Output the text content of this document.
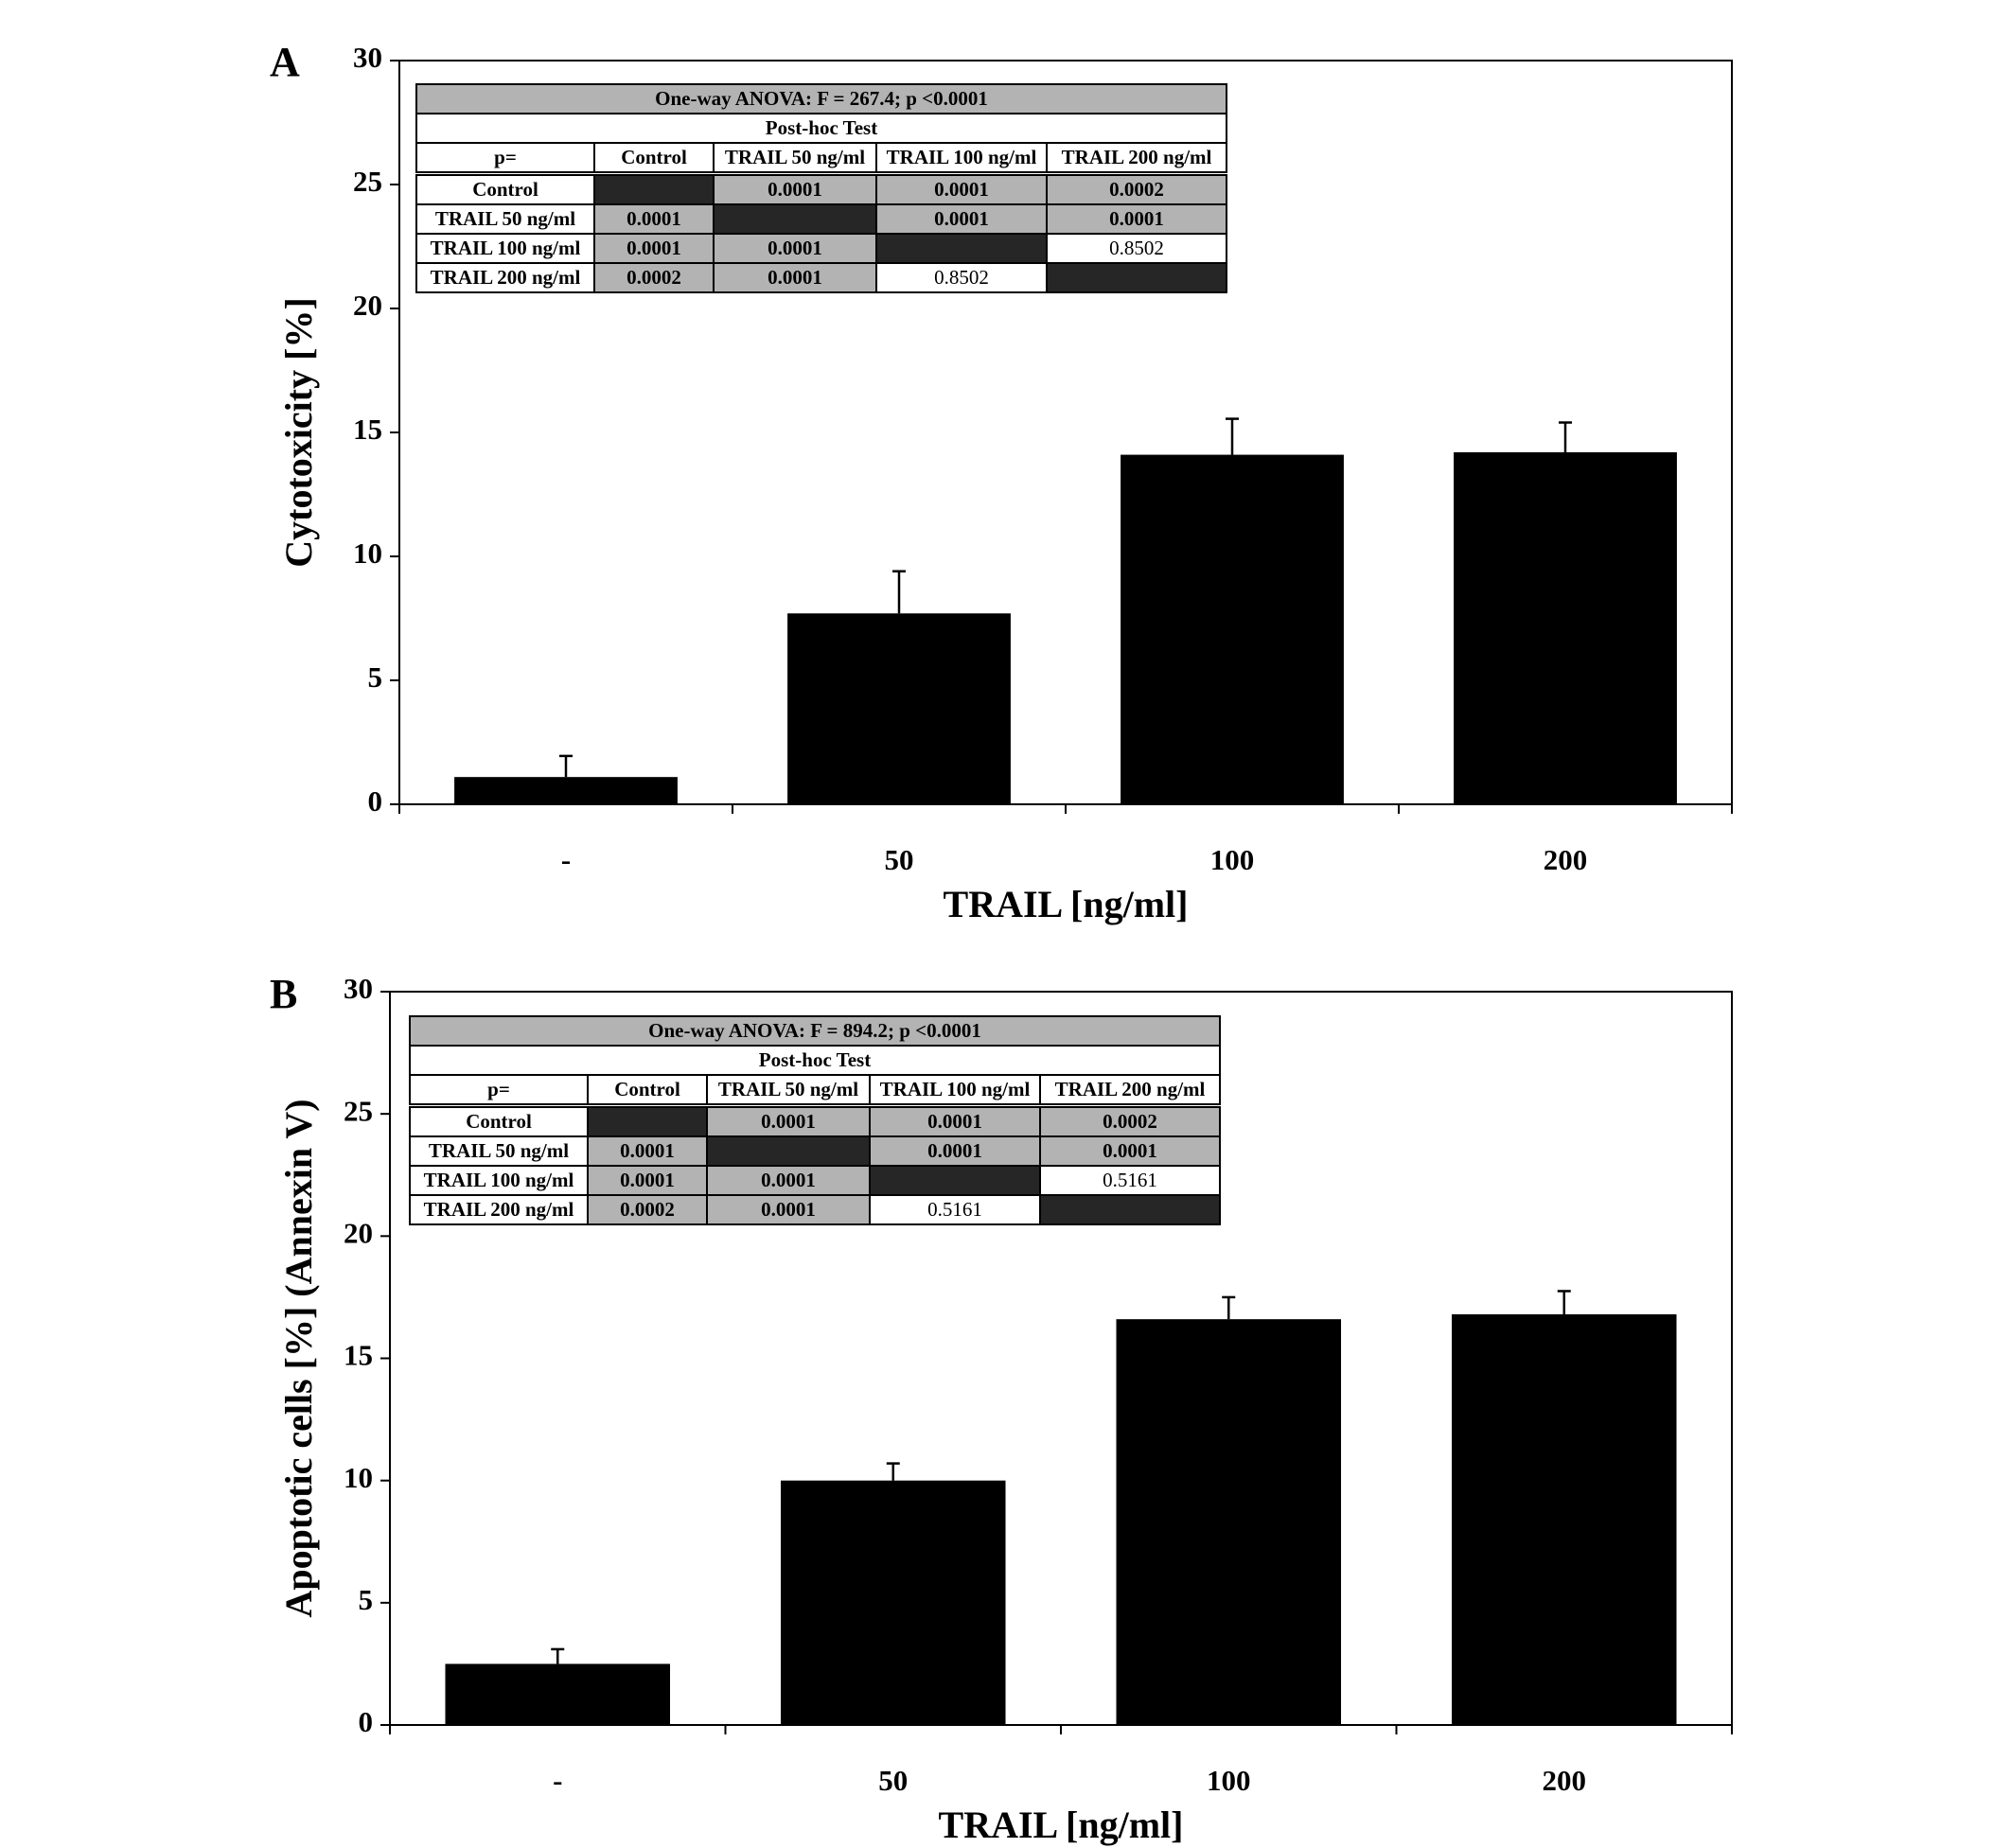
A
0
5
10
15
20
25
30
-	50	100	200
TRAIL [ng/ml]
Cytotoxicity [%]
B
0
5
10
15
20
25
30
-	50	100	200
TRAIL [ng/ml]
Apoptotic cells [%] (Annexin V)
One-way ANOVA: F = 267.4; p <0.0001				
Post-hoc Test				
p=	Control	TRAIL 50 ng/ml	TRAIL 100 ng/ml	TRAIL 200 ng/ml
Control		0.0001	0.0001	0.0002
TRAIL 50 ng/ml	0.0001		0.0001	0.0001
TRAIL 100 ng/ml	0.0001	0.0001		0.8502
TRAIL 200 ng/ml	0.0002	0.0001	0.8502	
One-way ANOVA: F = 894.2; p <0.0001				
Post-hoc Test				
p=	Control	TRAIL 50 ng/ml	TRAIL 100 ng/ml	TRAIL 200 ng/ml
Control		0.0001	0.0001	0.0002
TRAIL 50 ng/ml	0.0001		0.0001	0.0001
TRAIL 100 ng/ml	0.0001	0.0001		0.5161
TRAIL 200 ng/ml	0.0002	0.0001	0.5161	
